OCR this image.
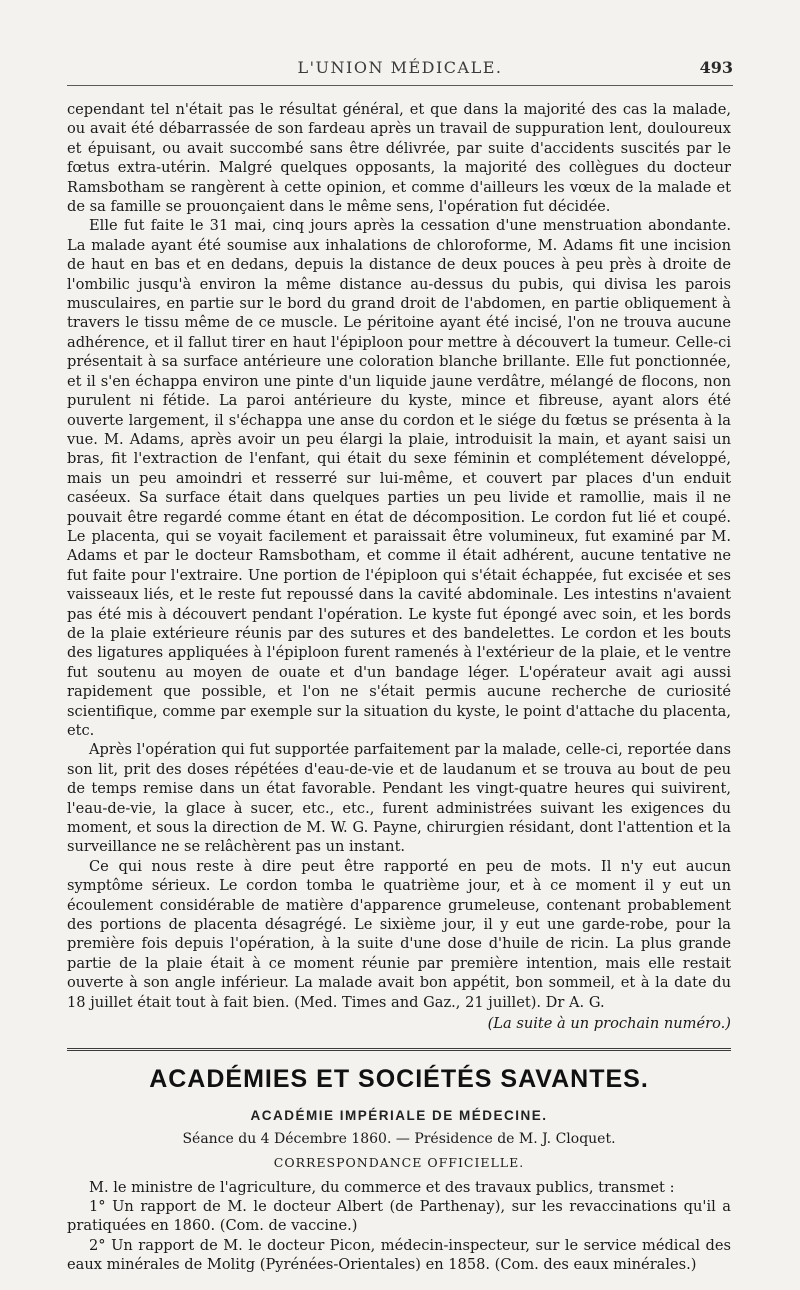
L'UNION MÉDICALE.	493

cependant tel n'était pas le résultat général, et que dans la majorité des cas la malade, ou avait été débarrassée de son fardeau après un travail de suppuration lent, douloureux et épuisant, ou avait succombé sans être délivrée, par suite d'accidents suscités par le fœtus extra-utérin. Malgré quelques opposants, la majorité des collègues du docteur Ramsbotham se rangèrent à cette opinion, et comme d'ailleurs les vœux de la malade et de sa famille se prouonçaient dans le même sens, l'opération fut décidée.

Elle fut faite le 31 mai, cinq jours après la cessation d'une menstruation abondante. La malade ayant été soumise aux inhalations de chloroforme, M. Adams fit une incision de haut en bas et en dedans, depuis la distance de deux pouces à peu près à droite de l'ombilic jusqu'à environ la même distance au-dessus du pubis, qui divisa les parois musculaires, en partie sur le bord du grand droit de l'abdomen, en partie obliquement à travers le tissu même de ce muscle. Le péritoine ayant été incisé, l'on ne trouva aucune adhérence, et il fallut tirer en haut l'épiploon pour mettre à découvert la tumeur. Celle-ci présentait à sa surface antérieure une coloration blanche brillante. Elle fut ponctionnée, et il s'en échappa environ une pinte d'un liquide jaune verdâtre, mélangé de flocons, non purulent ni fétide. La paroi antérieure du kyste, mince et fibreuse, ayant alors été ouverte largement, il s'échappa une anse du cordon et le siége du fœtus se présenta à la vue. M. Adams, après avoir un peu élargi la plaie, introduisit la main, et ayant saisi un bras, fit l'extraction de l'enfant, qui était du sexe féminin et complétement développé, mais un peu amoindri et resserré sur lui-même, et couvert par places d'un enduit caséeux. Sa surface était dans quelques parties un peu livide et ramollie, mais il ne pouvait être regardé comme étant en état de décomposition. Le cordon fut lié et coupé. Le placenta, qui se voyait facilement et paraissait être volumineux, fut examiné par M. Adams et par le docteur Ramsbotham, et comme il était adhérent, aucune tentative ne fut faite pour l'extraire. Une portion de l'épiploon qui s'était échappée, fut excisée et ses vaisseaux liés, et le reste fut repoussé dans la cavité abdominale. Les intestins n'avaient pas été mis à découvert pendant l'opération. Le kyste fut épongé avec soin, et les bords de la plaie extérieure réunis par des sutures et des bandelettes. Le cordon et les bouts des ligatures appliquées à l'épiploon furent ramenés à l'extérieur de la plaie, et le ventre fut soutenu au moyen de ouate et d'un bandage léger. L'opérateur avait agi aussi rapidement que possible, et l'on ne s'était permis aucune recherche de curiosité scientifique, comme par exemple sur la situation du kyste, le point d'attache du placenta, etc.

Après l'opération qui fut supportée parfaitement par la malade, celle-ci, reportée dans son lit, prit des doses répétées d'eau-de-vie et de laudanum et se trouva au bout de peu de temps remise dans un état favorable. Pendant les vingt-quatre heures qui suivirent, l'eau-de-vie, la glace à sucer, etc., etc., furent administrées suivant les exigences du moment, et sous la direction de M. W. G. Payne, chirurgien résidant, dont l'attention et la surveillance ne se relâchèrent pas un instant.

Ce qui nous reste à dire peut être rapporté en peu de mots. Il n'y eut aucun symptôme sérieux. Le cordon tomba le quatrième jour, et à ce moment il y eut un écoulement considérable de matière d'apparence grumeleuse, contenant probablement des portions de placenta désagrégé. Le sixième jour, il y eut une garde-robe, pour la première fois depuis l'opération, à la suite d'une dose d'huile de ricin. La plus grande partie de la plaie était à ce moment réunie par première intention, mais elle restait ouverte à son angle inférieur. La malade avait bon appétit, bon sommeil, et à la date du 18 juillet était tout à fait bien. (Med. Times and Gaz., 21 juillet). Dr A. G.

(La suite à un prochain numéro.)
ACADÉMIES ET SOCIÉTÉS SAVANTES.
ACADÉMIE IMPÉRIALE DE MÉDECINE.
Séance du 4 Décembre 1860. — Présidence de M. J. Cloquet.
CORRESPONDANCE OFFICIELLE.

M. le ministre de l'agriculture, du commerce et des travaux publics, transmet :

1° Un rapport de M. le docteur Albert (de Parthenay), sur les revaccinations qu'il a pratiquées en 1860. (Com. de vaccine.)

2° Un rapport de M. le docteur Picon, médecin-inspecteur, sur le service médical des eaux minérales de Molitg (Pyrénées-Orientales) en 1858. (Com. des eaux minérales.)
